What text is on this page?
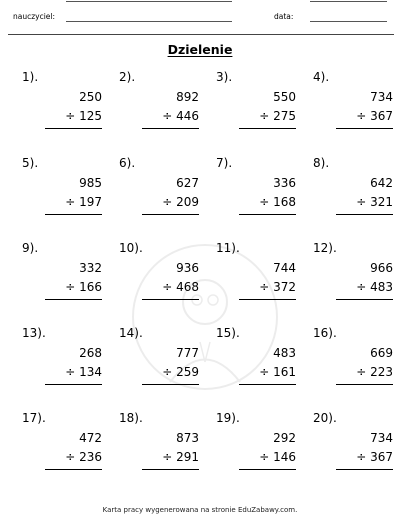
nauczyciel:	data:
Dzielenie
1).
250
÷ 125
2).
892
÷ 446
3).
550
÷ 275
4).
734
÷ 367
5).
985
÷ 197
6).
627
÷ 209
7).
336
÷ 168
8).
642
÷ 321
9).
332
÷ 166
10).
936
÷ 468
11).
744
÷ 372
12).
966
÷ 483
13).
268
÷ 134
14).
777
÷ 259
15).
483
÷ 161
16).
669
÷ 223
17).
472
÷ 236
18).
873
÷ 291
19).
292
÷ 146
20).
734
÷ 367
Karta pracy wygenerowana na stronie EduZabawy.com.
